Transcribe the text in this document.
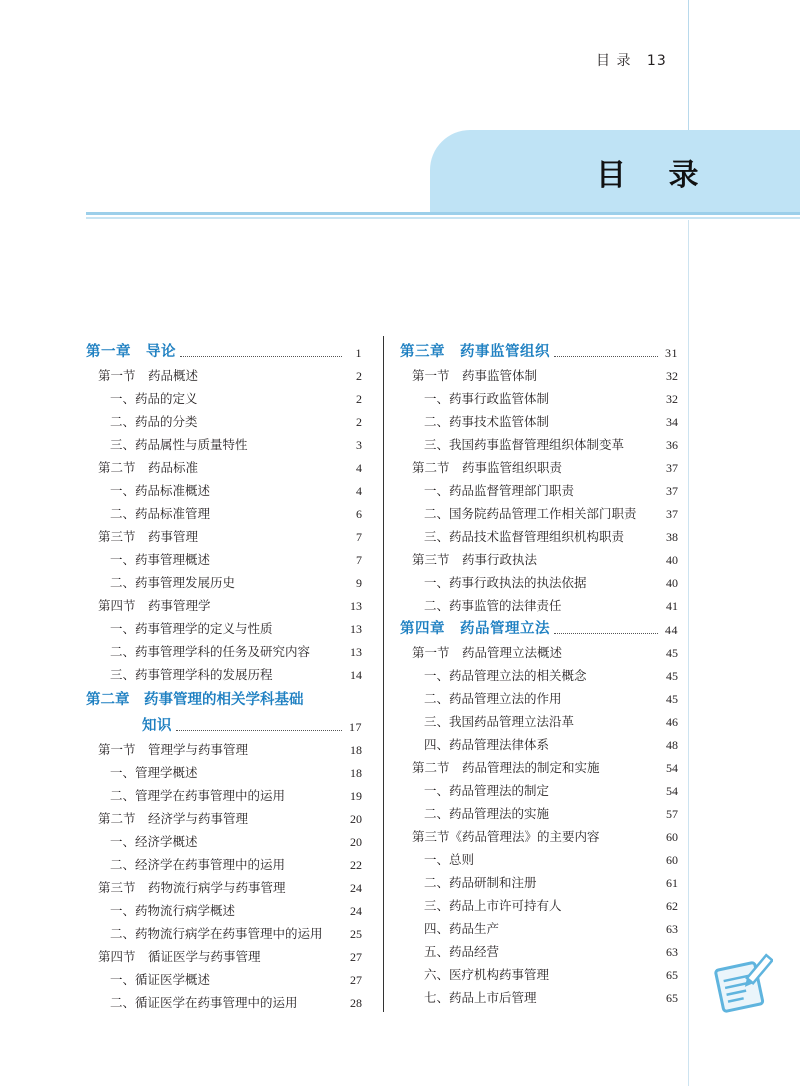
目 录 13
目 录
第一章　导论	1
第一节　药品概述	2
一、药品的定义	2
二、药品的分类	2
三、药品属性与质量特性	3
第二节　药品标准	4
一、药品标准概述	4
二、药品标准管理	6
第三节　药事管理	7
一、药事管理概述	7
二、药事管理发展历史	9
第四节　药事管理学	13
一、药事管理学的定义与性质	13
二、药事管理学科的任务及研究内容	13
三、药事管理学科的发展历程	14
第二章　药事管理的相关学科基础
知识	17
第一节　管理学与药事管理	18
一、管理学概述	18
二、管理学在药事管理中的运用	19
第二节　经济学与药事管理	20
一、经济学概述	20
二、经济学在药事管理中的运用	22
第三节　药物流行病学与药事管理	24
一、药物流行病学概述	24
二、药物流行病学在药事管理中的运用 25
第四节　循证医学与药事管理	27
一、循证医学概述	27
二、循证医学在药事管理中的运用	28
第三章　药事监管组织	31
第一节　药事监管体制	32
一、药事行政监管体制	32
二、药事技术监管体制	34
三、我国药事监督管理组织体制变革	36
第二节　药事监管组织职责	37
一、药品监督管理部门职责	37
二、国务院药品管理工作相关部门职责 37
三、药品技术监督管理组织机构职责	38
第三节　药事行政执法	40
一、药事行政执法的执法依据	40
二、药事监管的法律责任	41
第四章　药品管理立法	44
第一节　药品管理立法概述	45
一、药品管理立法的相关概念	45
二、药品管理立法的作用	45
三、我国药品管理立法沿革	46
四、药品管理法律体系	48
第二节　药品管理法的制定和实施	54
一、药品管理法的制定	54
二、药品管理法的实施	57
第三节《药品管理法》的主要内容	60
一、总则	60
二、药品研制和注册	61
三、药品上市许可持有人	62
四、药品生产	63
五、药品经营	63
六、医疗机构药事管理	65
七、药品上市后管理	65
